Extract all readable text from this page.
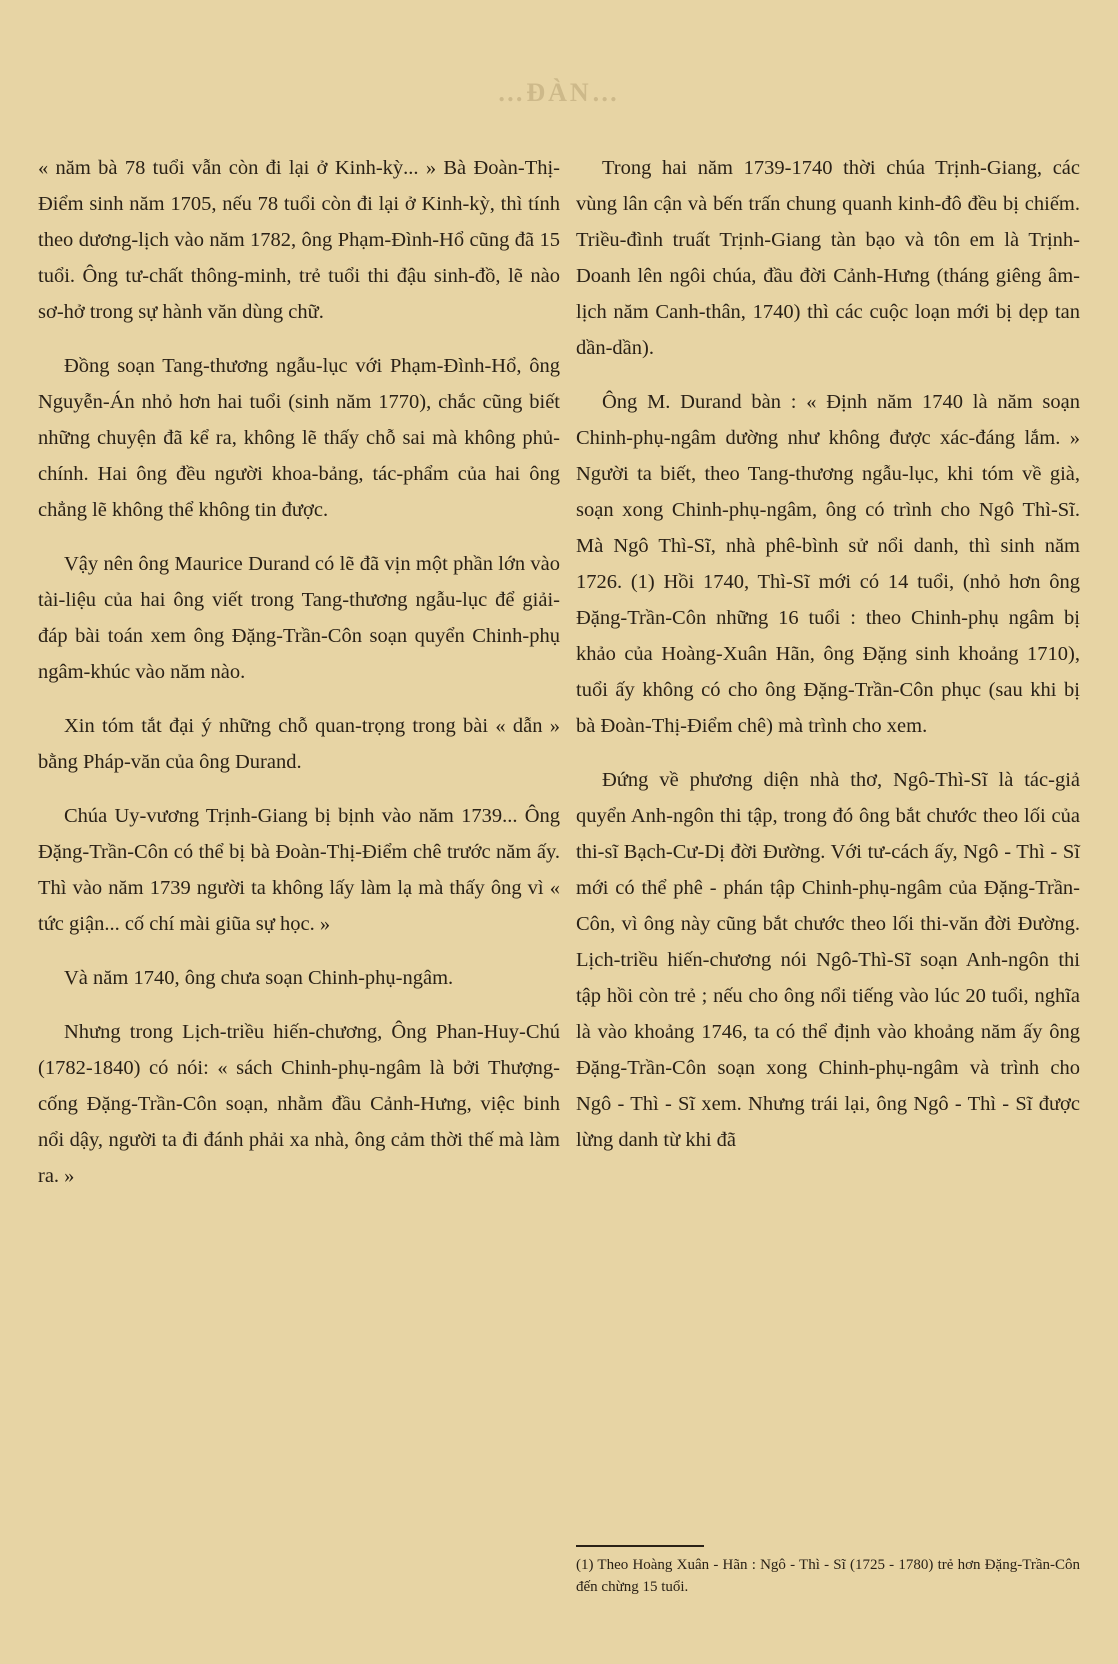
…ĐÀN…

« năm bà 78 tuổi vẫn còn đi lại ở Kinh-kỳ... » Bà Đoàn-Thị-Điểm sinh năm 1705, nếu 78 tuổi còn đi lại ở Kinh-kỳ, thì tính theo dương-lịch vào năm 1782, ông Phạm-Đình-Hổ cũng đã 15 tuổi. Ông tư-chất thông-minh, trẻ tuổi thi đậu sinh-đồ, lẽ nào sơ-hở trong sự hành văn dùng chữ.

Đồng soạn Tang-thương ngẫu-lục với Phạm-Đình-Hổ, ông Nguyễn-Án nhỏ hơn hai tuổi (sinh năm 1770), chắc cũng biết những chuyện đã kể ra, không lẽ thấy chỗ sai mà không phủ-chính. Hai ông đều người khoa-bảng, tác-phẩm của hai ông chẳng lẽ không thể không tin được.

Vậy nên ông Maurice Durand có lẽ đã vịn một phần lớn vào tài-liệu của hai ông viết trong Tang-thương ngẫu-lục để giải-đáp bài toán xem ông Đặng-Trần-Côn soạn quyển Chinh-phụ ngâm-khúc vào năm nào.

Xin tóm tắt đại ý những chỗ quan-trọng trong bài « dẫn » bằng Pháp-văn của ông Durand.

Chúa Uy-vương Trịnh-Giang bị bịnh vào năm 1739... Ông Đặng-Trần-Côn có thể bị bà Đoàn-Thị-Điểm chê trước năm ấy. Thì vào năm 1739 người ta không lấy làm lạ mà thấy ông vì « tức giận... cố chí mài giũa sự học. »

Và năm 1740, ông chưa soạn Chinh-phụ-ngâm.

Nhưng trong Lịch-triều hiến-chương, Ông Phan-Huy-Chú (1782-1840) có nói: « sách Chinh-phụ-ngâm là bởi Thượng-cống Đặng-Trần-Côn soạn, nhằm đầu Cảnh-Hưng, việc binh nổi dậy, người ta đi đánh phải xa nhà, ông cảm thời thế mà làm ra. »

Trong hai năm 1739-1740 thời chúa Trịnh-Giang, các vùng lân cận và bến trấn chung quanh kinh-đô đều bị chiếm. Triều-đình truất Trịnh-Giang tàn bạo và tôn em là Trịnh-Doanh lên ngôi chúa, đầu đời Cảnh-Hưng (tháng giêng âm-lịch năm Canh-thân, 1740) thì các cuộc loạn mới bị dẹp tan dần-dần).

Ông M. Durand bàn : « Định năm 1740 là năm soạn Chinh-phụ-ngâm dường như không được xác-đáng lắm. » Người ta biết, theo Tang-thương ngẫu-lục, khi tóm về già, soạn xong Chinh-phụ-ngâm, ông có trình cho Ngô Thì-Sĩ. Mà Ngô Thì-Sĩ, nhà phê-bình sử nổi danh, thì sinh năm 1726. (1) Hồi 1740, Thì-Sĩ mới có 14 tuổi, (nhỏ hơn ông Đặng-Trần-Côn những 16 tuổi : theo Chinh-phụ ngâm bị khảo của Hoàng-Xuân Hãn, ông Đặng sinh khoảng 1710), tuổi ấy không có cho ông Đặng-Trần-Côn phục (sau khi bị bà Đoàn-Thị-Điểm chê) mà trình cho xem.

Đứng về phương diện nhà thơ, Ngô-Thì-Sĩ là tác-giả quyển Anh-ngôn thi tập, trong đó ông bắt chước theo lối của thi-sĩ Bạch-Cư-Dị đời Đường. Với tư-cách ấy, Ngô - Thì - Sĩ mới có thể phê - phán tập Chinh-phụ-ngâm của Đặng-Trần-Côn, vì ông này cũng bắt chước theo lối thi-văn đời Đường. Lịch-triều hiến-chương nói Ngô-Thì-Sĩ soạn Anh-ngôn thi tập hồi còn trẻ ; nếu cho ông nổi tiếng vào lúc 20 tuổi, nghĩa là vào khoảng 1746, ta có thể định vào khoảng năm ấy ông Đặng-Trần-Côn soạn xong Chinh-phụ-ngâm và trình cho Ngô - Thì - Sĩ xem. Nhưng trái lại, ông Ngô - Thì - Sĩ được lừng danh từ khi đã

(1) Theo Hoàng Xuân - Hãn : Ngô - Thì - Sĩ (1725 - 1780) trẻ hơn Đặng-Trần-Côn đến chừng 15 tuổi.
